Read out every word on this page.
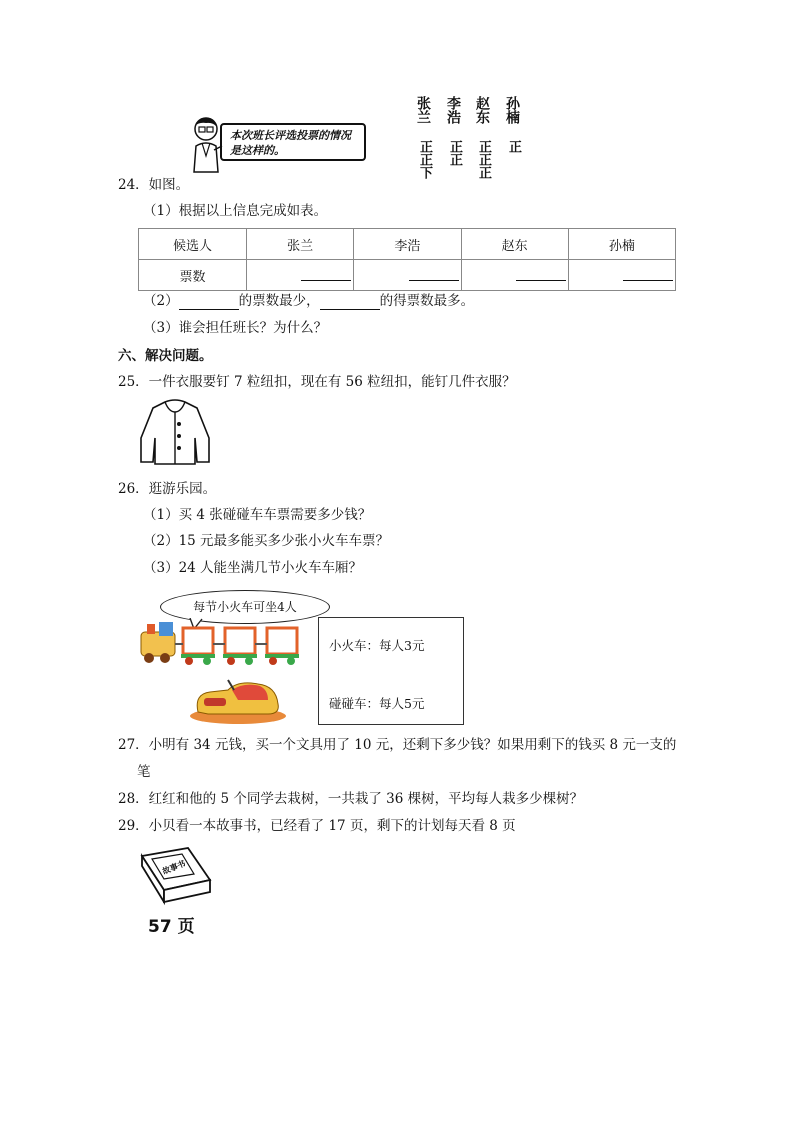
本次班长评选投票的情况是这样的。
张兰 李浩 赵东 孙楠
正正下	正正	正正正	正
24．如图。
（1）根据以上信息完成如表。
候选人	张兰	李浩	赵东	孙楠
票数				
（2）	的票数最少，	的得票数最多。
（3）谁会担任班长？为什么？
六、解决问题。
25．一件衣服要钉 7 粒纽扣，现在有 56 粒纽扣，能钉几件衣服？
26．逛游乐园。
（1）买 4 张碰碰车车票需要多少钱？
（2）15 元最多能买多少张小火车车票？
（3）24 人能坐满几节小火车车厢？
每节小火车可坐4人
小火车：每人3元
碰碰车：每人5元
27．小明有 34 元钱，买一个文具用了 10 元，还剩下多少钱？如果用剩下的钱买 8 元一支的
笔
28．红红和他的 5 个同学去栽树，一共栽了 36 棵树，平均每人栽多少棵树？
29．小贝看一本故事书，已经看了 17 页，剩下的计划每天看 8 页
故事书
57 页
